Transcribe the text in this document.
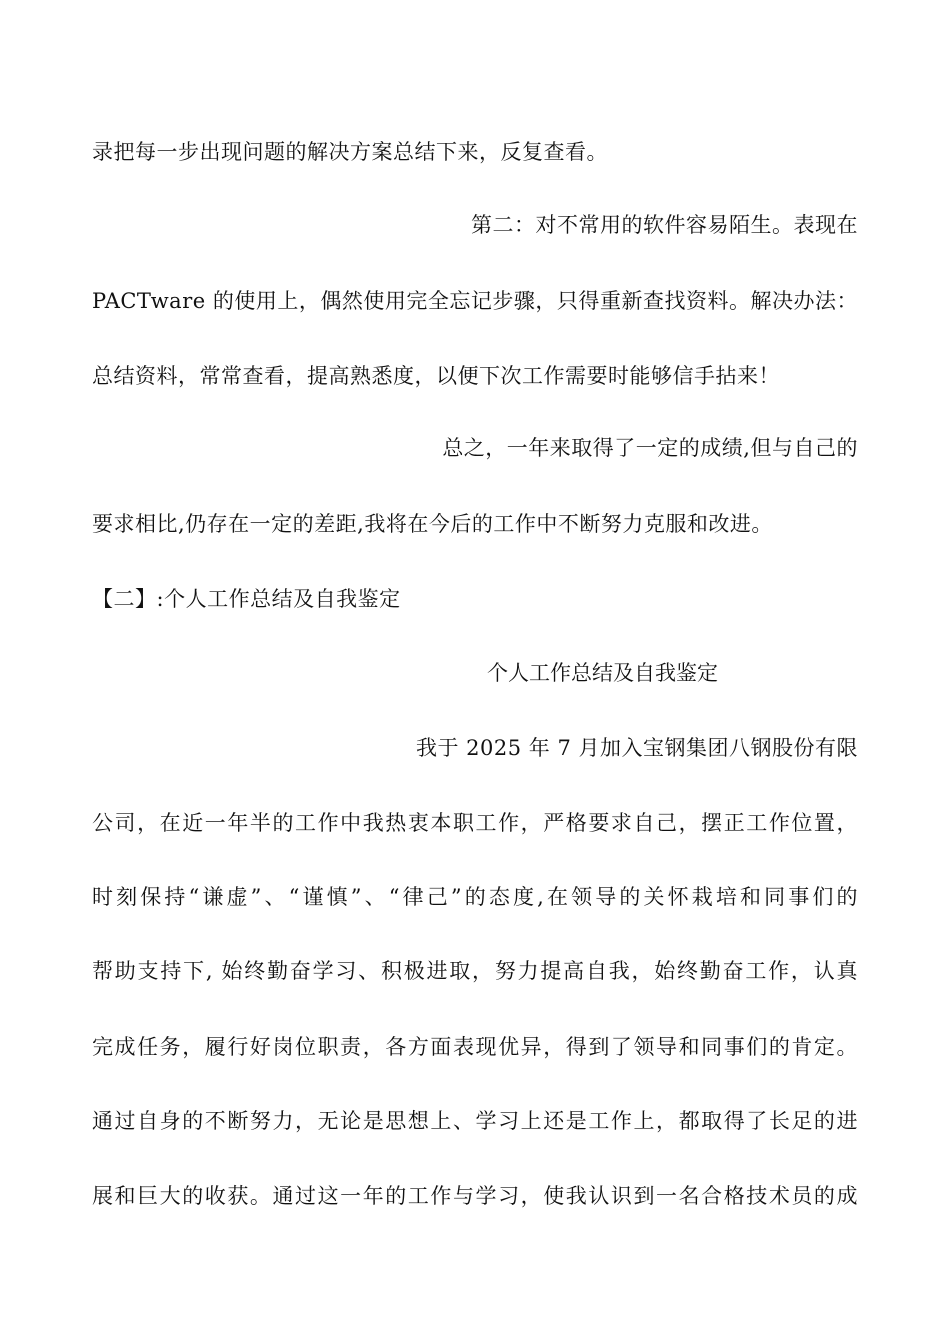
录把每一步出现问题的解决方案总结下来，反复查看。
第二：对不常用的软件容易陌生。表现在
PACTware 的使用上，偶然使用完全忘记步骤，只得重新查找资料。解决办法：
总结资料，常常查看，提高熟悉度，以便下次工作需要时能够信手拈来！
总之，一年来取得了一定的成绩,但与自己的
要求相比,仍存在一定的差距,我将在今后的工作中不断努力克服和改进。
【二】:个人工作总结及自我鉴定
个人工作总结及自我鉴定
我于 2025 年 7 月加入宝钢集团八钢股份有限
公司，在近一年半的工作中我热衷本职工作，严格要求自己，摆正工作位置，
时刻保持“谦虚”、“谨慎”、“律己”的态度,在领导的关怀栽培和同事们的
帮助支持下, 始终勤奋学习、积极进取，努力提高自我，始终勤奋工作，认真
完成任务，履行好岗位职责，各方面表现优异，得到了领导和同事们的肯定。
通过自身的不断努力，无论是思想上、学习上还是工作上，都取得了长足的进
展和巨大的收获。通过这一年的工作与学习，使我认识到一名合格技术员的成
